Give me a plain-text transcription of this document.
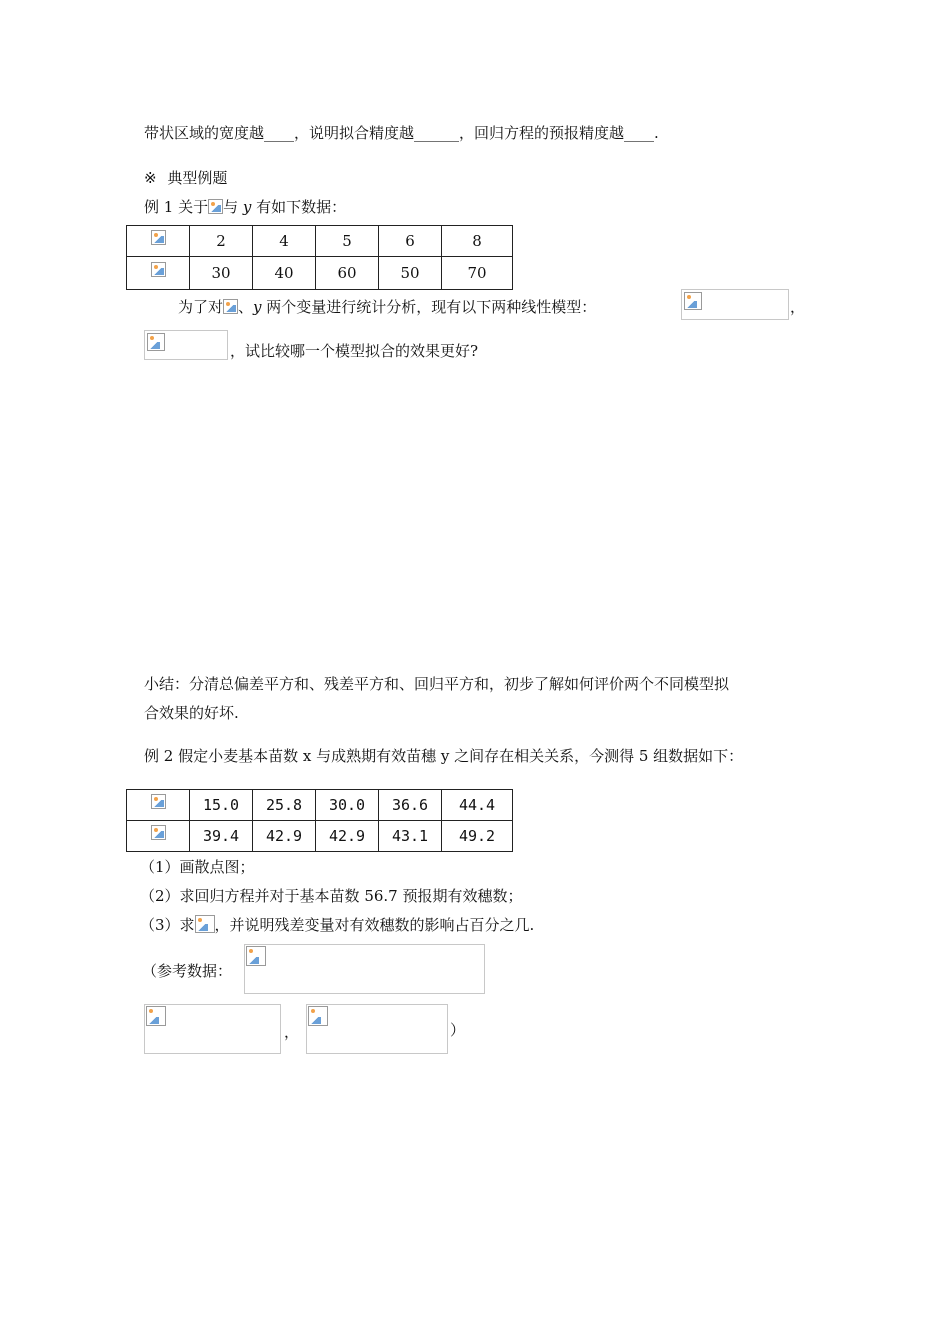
带状区域的宽度越____，说明拟合精度越______，回归方程的预报精度越____.
※ 典型例题
例 1 关于 与 y 有如下数据：
	2	4	5	6	8

	30	40	60	50	70
为了对 、y 两个变量进行统计分析，现有以下两种线性模型：	，
，试比较哪一个模型拟合的效果更好?
小结：分清总偏差平方和、残差平方和、回归平方和，初步了解如何评价两个不同模型拟
合效果的好坏.
例 2 假定小麦基本苗数 x 与成熟期有效苗穗 y 之间存在相关关系，今测得 5 组数据如下：
	15.0	25.8	30.0	36.6	44.4

	39.4	42.9	42.9	43.1	49.2
（1）画散点图；
（2）求回归方程并对于基本苗数 56.7 预报期有效穗数；
（3）求 ，并说明残差变量对有效穗数的影响占百分之几.
（参考数据：
，	）
